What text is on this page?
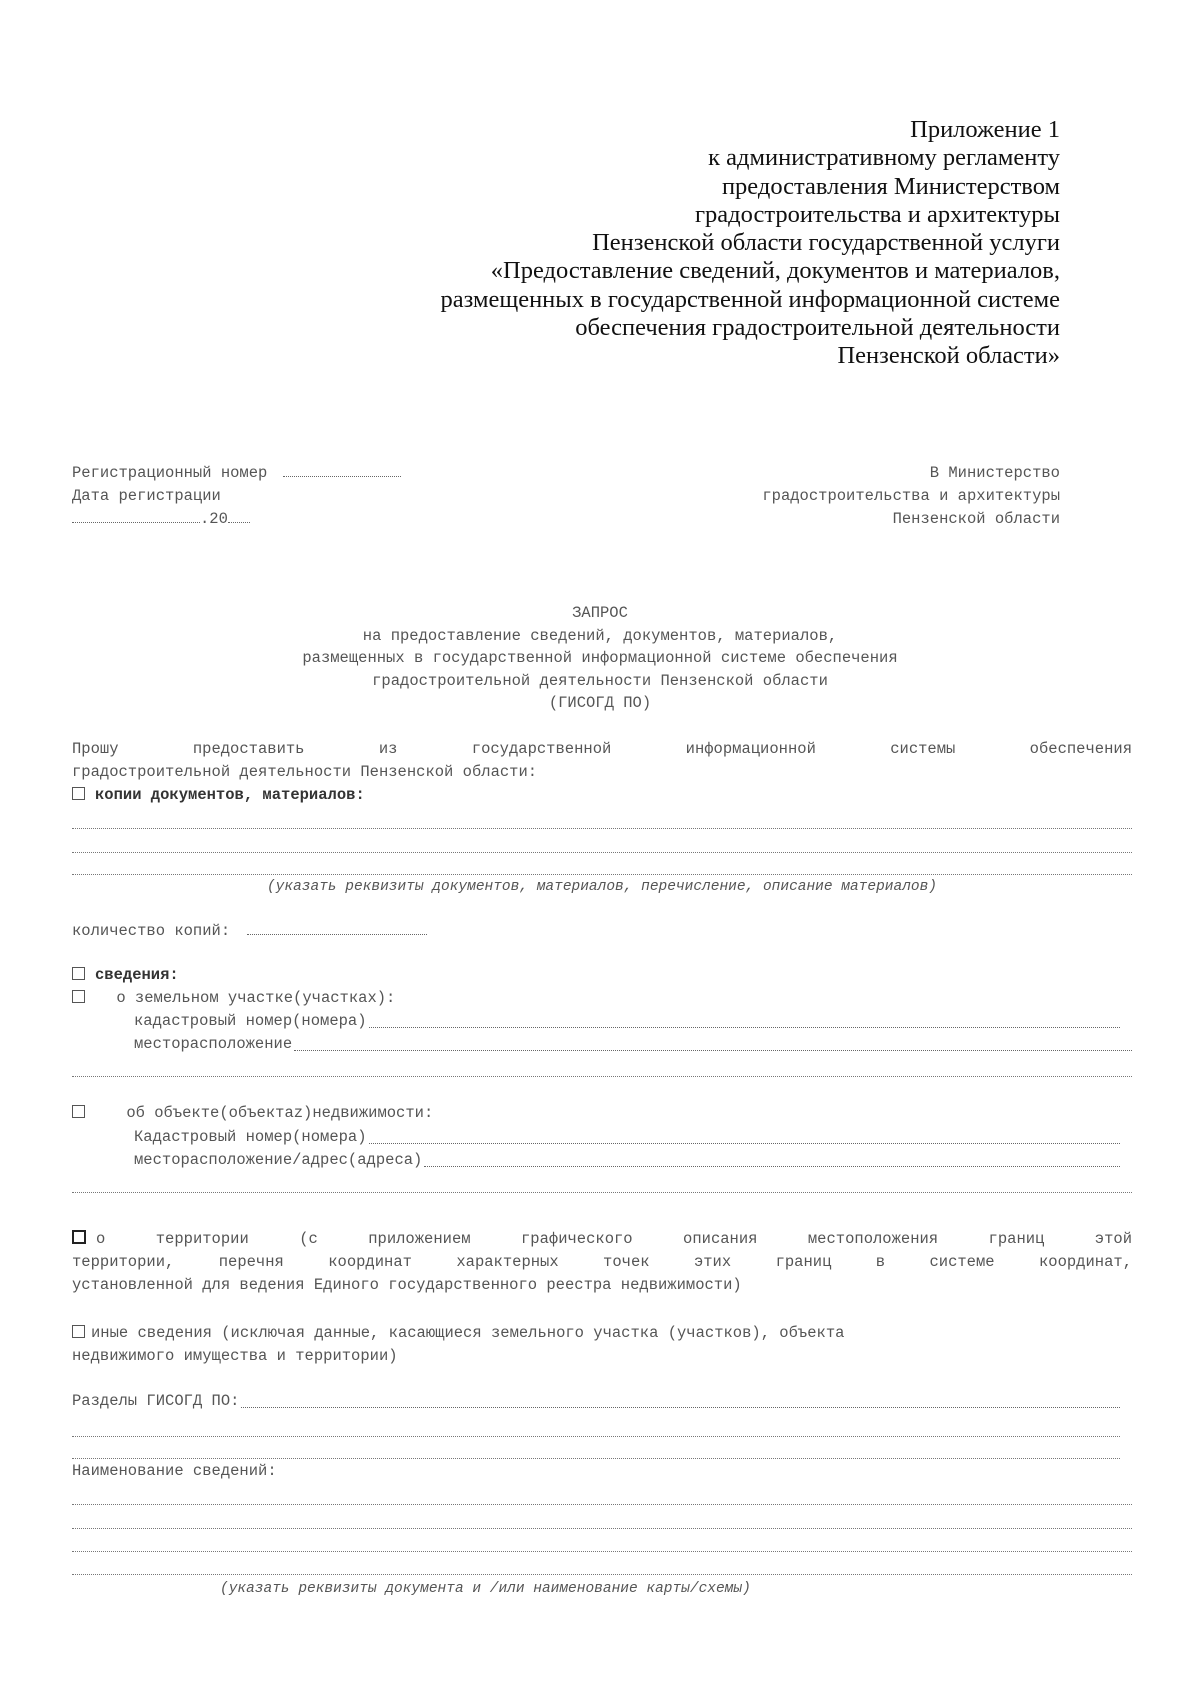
Приложение 1
к административному регламенту
предоставления Министерством
градостроительства и архитектуры
Пензенской области государственной услуги
«Предоставление сведений, документов и материалов,
размещенных в государственной информационной системе
обеспечения градостроительной деятельности
Пензенской области»
Регистрационный номер
Дата регистрации
.20
В Министерство
градостроительства и архитектуры
Пензенской области
ЗАПРОС
на предоставление сведений, документов, материалов,
размещенных в государственной информационной системе обеспечения
градостроительной деятельности Пензенской области
(ГИСОГД ПО)
Прошу предоставить из государственной информационной системы обеспечения
градостроительной деятельности Пензенской области:
копии документов, материалов:
(указать реквизиты документов, материалов, перечисление, описание материалов)
количество копий:
сведения:
о земельном участке(участках):
кадастровый номер(номера)
месторасположение
об объекте(объектаz)недвижимости:
Кадастровый номер(номера)
месторасположение/адрес(адреса)
о территории (с приложением графического описания местоположения границ этой
территории, перечня координат характерных точек этих границ в системе координат,
установленной для ведения Единого государственного реестра недвижимости)
иные сведения (исключая данные, касающиеся земельного участка (участков), объекта
недвижимого имущества и территории)
Разделы ГИСОГД ПО:
Наименование сведений:
(указать реквизиты документа и /или наименование карты/схемы)
